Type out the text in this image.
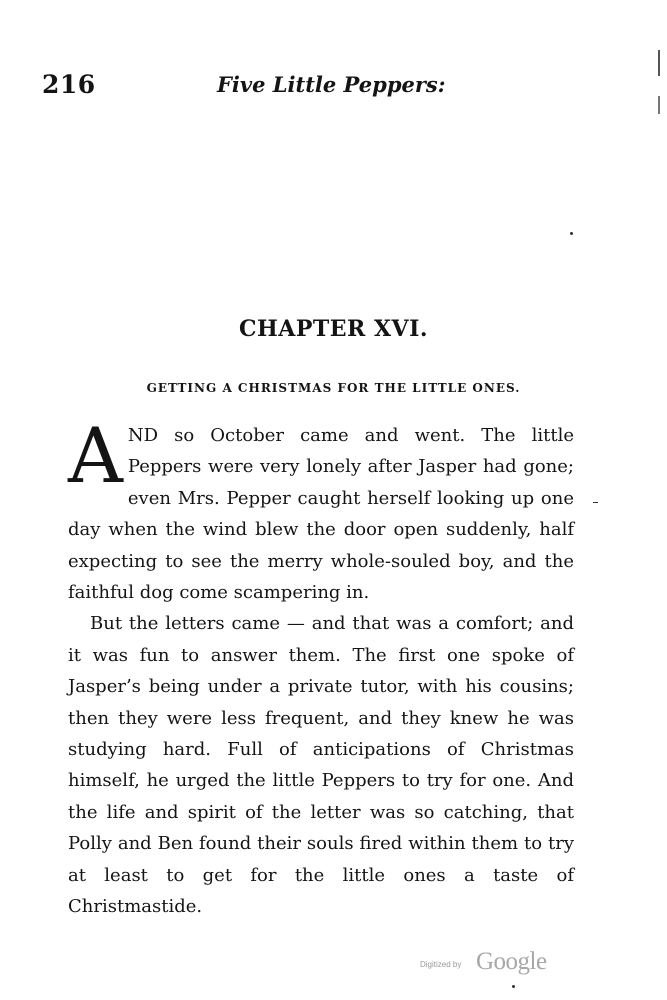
216	Five Little Peppers:
CHAPTER XVI.
GETTING A CHRISTMAS FOR THE LITTLE ONES.

AND so October came and went. The little Peppers were very lonely after Jasper had gone; even Mrs. Pepper caught herself looking up one day when the wind blew the door open suddenly, half expecting to see the merry whole-souled boy, and the faithful dog come scampering in.

But the letters came — and that was a comfort; and it was fun to answer them. The first one spoke of Jasper’s being under a private tutor, with his cousins; then they were less frequent, and they knew he was studying hard. Full of anticipations of Christmas himself, he urged the little Peppers to try for one. And the life and spirit of the letter was so catching, that Polly and Ben found their souls fired within them to try at least to get for the little ones a taste of Christmastide.

Digitized by Google
